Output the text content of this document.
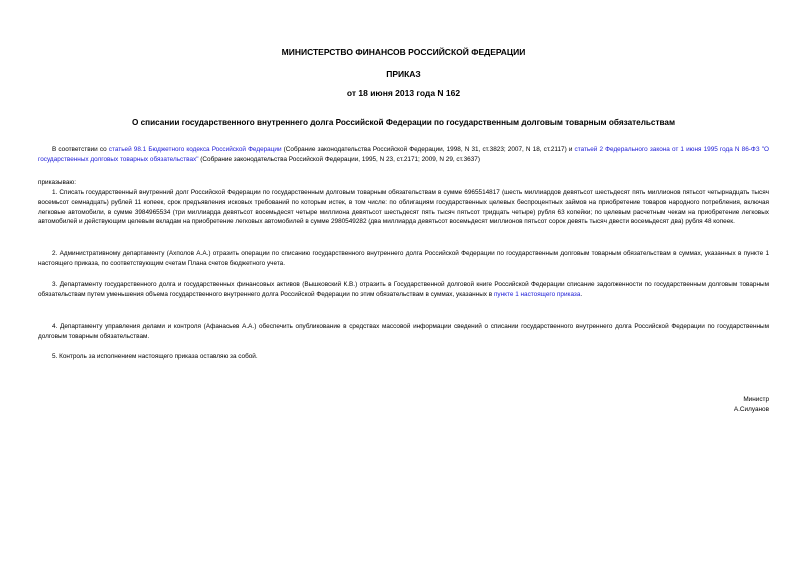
МИНИСТЕРСТВО ФИНАНСОВ РОССИЙСКОЙ ФЕДЕРАЦИИ
ПРИКАЗ
от 18 июня 2013 года N 162
О списании государственного внутреннего долга Российской Федерации по государственным долговым товарным обязательствам
В соответствии со статьей 98.1 Бюджетного кодекса Российской Федерации (Собрание законодательства Российской Федерации, 1998, N 31, ст.3823; 2007, N 18, ст.2117) и статьей 2 Федерального закона от 1 июня 1995 года N 86-ФЗ "О государственных долговых товарных обязательствах" (Собрание законодательства Российской Федерации, 1995, N 23, ст.2171; 2009, N 29, ст.3637)
приказываю:
1. Списать государственный внутренний долг Российской Федерации по государственным долговым товарным обязательствам в сумме 6965514817 (шесть миллиардов девятьсот шестьдесят пять миллионов пятьсот четырнадцать тысяч восемьсот семнадцать) рублей 11 копеек, срок предъявления исковых требований по которым истек, в том числе: по облигациям государственных целевых беспроцентных займов на приобретение товаров народного потребления, включая легковые автомобили, в сумме 3984965534 (три миллиарда девятьсот восемьдесят четыре миллиона девятьсот шестьдесят пять тысяч пятьсот тридцать четыре) рубля 63 копейки; по целевым расчетным чекам на приобретение легковых автомобилей и действующим целевым вкладам на приобретение легковых автомобилей в сумме 2980549282 (два миллиарда девятьсот восемьдесят миллионов пятьсот сорок девять тысяч двести восемьдесят два) рубля 48 копеек.
2. Административному департаменту (Ахполов А.А.) отразить операции по списанию государственного внутреннего долга Российской Федерации по государственным долговым товарным обязательствам в суммах, указанных в пункте 1 настоящего приказа, по соответствующим счетам Плана счетов бюджетного учета.
3. Департаменту государственного долга и государственных финансовых активов (Вышковский К.В.) отразить в Государственной долговой книге Российской Федерации списание задолженности по государственным долговым товарным обязательствам путем уменьшения объема государственного внутреннего долга Российской Федерации по этим обязательствам в суммах, указанных в пункте 1 настоящего приказа.
4. Департаменту управления делами и контроля (Афанасьев А.А.) обеспечить опубликование в средствах массовой информации сведений о списании государственного внутреннего долга Российской Федерации по государственным долговым товарным обязательствам.
5. Контроль за исполнением настоящего приказа оставляю за собой.
Министр
А.Силуанов
